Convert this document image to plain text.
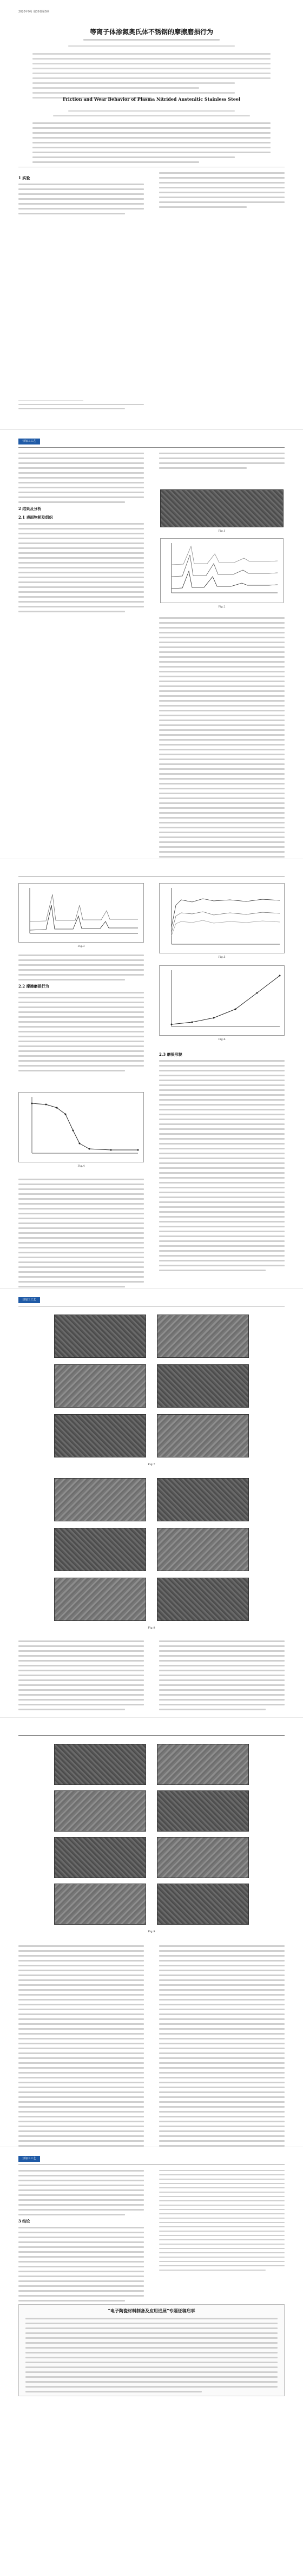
2020年9月 第36卷第5期
等离子体渗氮奥氏体不锈钢的摩擦磨损行为
Friction and Wear Behavior of Plasma Nitrided Austenitic Stainless Steel
1 实验
热加工工艺
2 结果及分析
2.1 表面物相及组织
Fig.1
Fig.2
Fig.3
2.2 摩擦磨损行为
Fig.4
Fig.5
Fig.6
2.3 磨损形貌
热加工工艺
Fig.7
Fig.8
Fig.9
热加工工艺
3 结论
“电子陶瓷材料制备及应用进展”专题征稿启事
